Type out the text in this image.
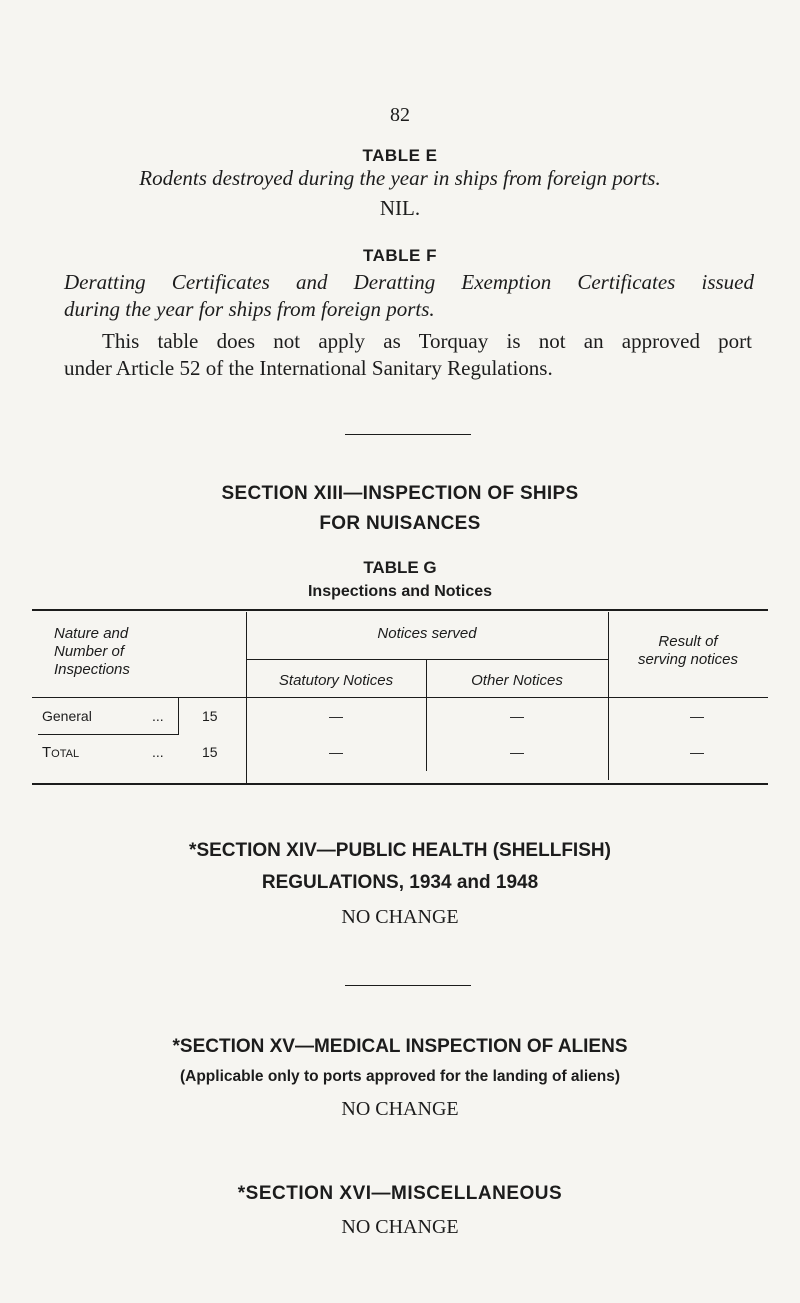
82
TABLE E
Rodents destroyed during the year in ships from foreign ports.
NIL.
TABLE F
Deratting Certificates and Deratting Exemption Certificates issued
during the year for ships from foreign ports.
This table does not apply as Torquay is not an approved port
under Article 52 of the International Sanitary Regulations.
SECTION XIII—INSPECTION OF SHIPS
FOR NUISANCES
TABLE G
Inspections and Notices
Nature and
Number of
Inspections
Notices served
Statutory Notices	Other Notices
Result of
serving notices
General	...	15	—	—	—
Total	...	15	—	—	—
*SECTION XIV—PUBLIC HEALTH (SHELLFISH)
REGULATIONS, 1934 and 1948
NO CHANGE
*SECTION XV—MEDICAL INSPECTION OF ALIENS
(Applicable only to ports approved for the landing of aliens)
NO CHANGE
*SECTION XVI—MISCELLANEOUS
NO CHANGE
